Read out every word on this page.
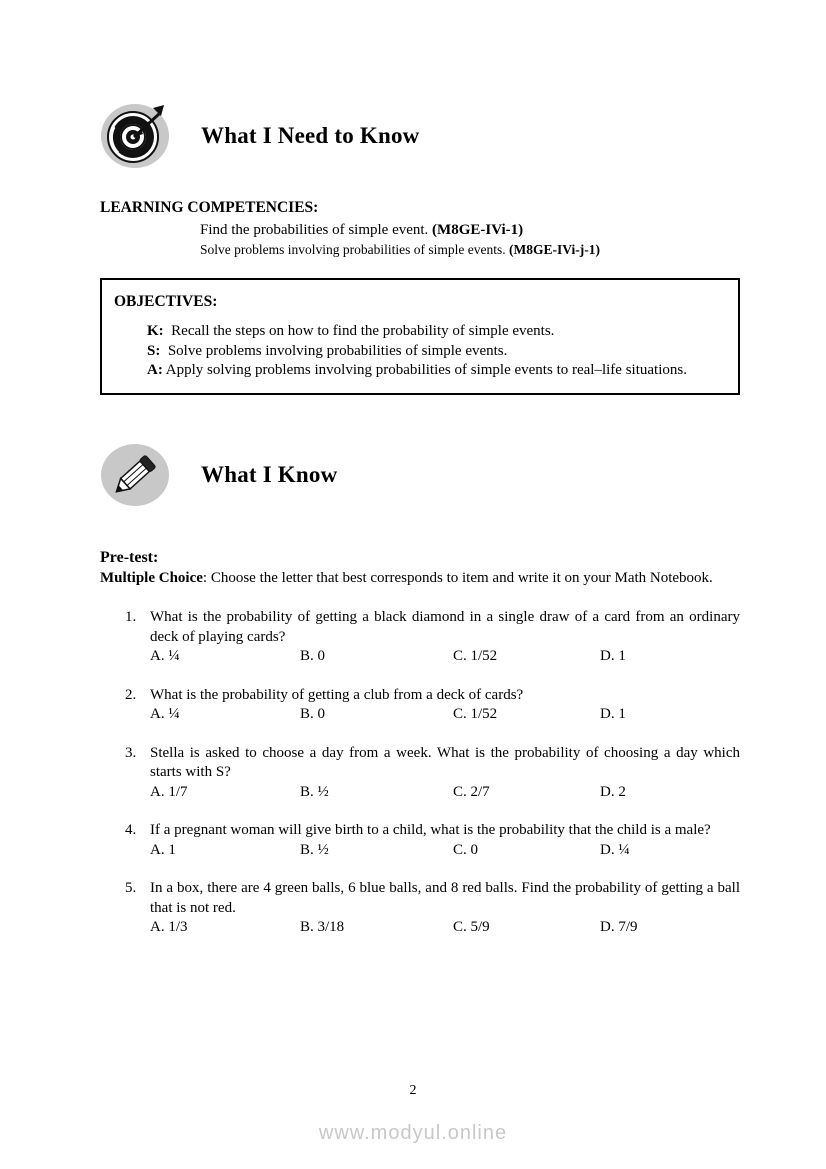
What I Need to Know
LEARNING COMPETENCIES:
Find the probabilities of simple event. (M8GE-IVi-1)
Solve problems involving probabilities of simple events. (M8GE-IVi-j-1)
OBJECTIVES:
K: Recall the steps on how to find the probability of simple events.
S: Solve problems involving probabilities of simple events.
A: Apply solving problems involving probabilities of simple events to real–life situations.
What I Know
Pre-test:

Multiple Choice: Choose the letter that best corresponds to item and write it on your Math Notebook.

1. What is the probability of getting a black diamond in a single draw of a card from an ordinary deck of playing cards?
A. ¼	B. 0	C. 1/52	D. 1
2. What is the probability of getting a club from a deck of cards?
A. ¼	B. 0	C. 1/52	D. 1
3. Stella is asked to choose a day from a week. What is the probability of choosing a day which starts with S?
A. 1/7	B. ½	C. 2/7	D. 2
4. If a pregnant woman will give birth to a child, what is the probability that the child is a male?
A. 1	B. ½	C. 0	D. ¼
5. In a box, there are 4 green balls, 6 blue balls, and 8 red balls. Find the probability of getting a ball that is not red.
A. 1/3	B. 3/18	C. 5/9	D. 7/9
2
www.modyul.online
